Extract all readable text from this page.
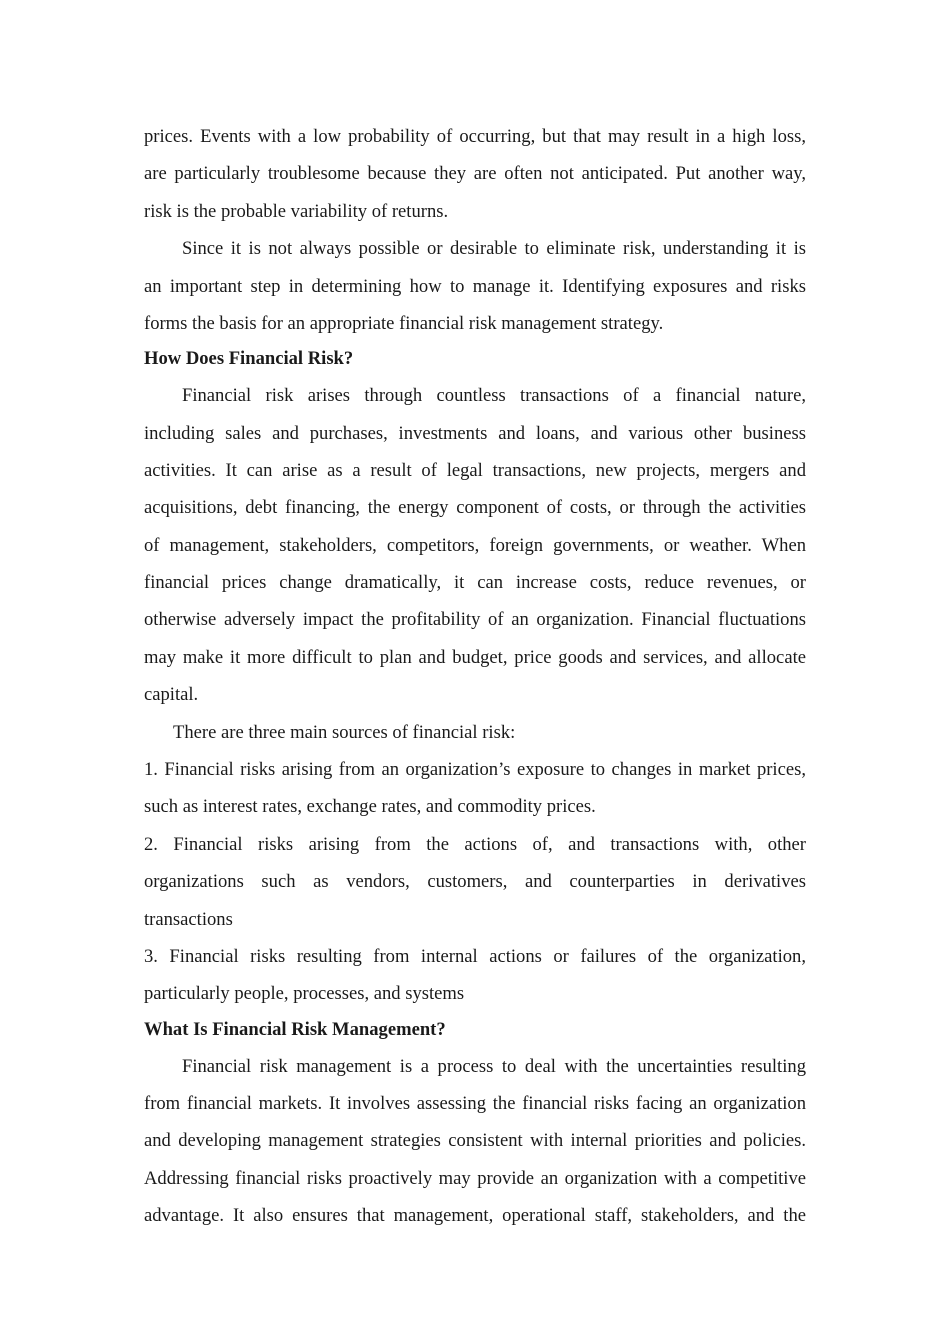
prices. Events with a low probability of occurring, but that may result in a high loss,
are particularly troublesome because they are often not anticipated. Put another way,
risk is the probable variability of returns.
Since it is not always possible or desirable to eliminate risk, understanding it is
an important step in determining how to manage it. Identifying exposures and risks
forms the basis for an appropriate financial risk management strategy.
How Does Financial Risk?
Financial risk arises through countless transactions of a financial nature,
including sales and purchases, investments and loans, and various other business
activities. It can arise as a result of legal transactions, new projects, mergers and
acquisitions, debt financing, the energy component of costs, or through the activities
of management, stakeholders, competitors, foreign governments, or weather. When
financial prices change dramatically, it can increase costs, reduce revenues, or
otherwise adversely impact the profitability of an organization. Financial fluctuations
may make it more difficult to plan and budget, price goods and services, and allocate
capital.
There are three main sources of financial risk:
1. Financial risks arising from an organization’s exposure to changes in market prices,
such as interest rates, exchange rates, and commodity prices.
2. Financial risks arising from the actions of, and transactions with, other
organizations such as vendors, customers, and counterparties in derivatives
transactions
3. Financial risks resulting from internal actions or failures of the organization,
particularly people, processes, and systems
What Is Financial Risk Management?
Financial risk management is a process to deal with the uncertainties resulting
from financial markets. It involves assessing the financial risks facing an organization
and developing management strategies consistent with internal priorities and policies.
Addressing financial risks proactively may provide an organization with a competitive
advantage. It also ensures that management, operational staff, stakeholders, and the
